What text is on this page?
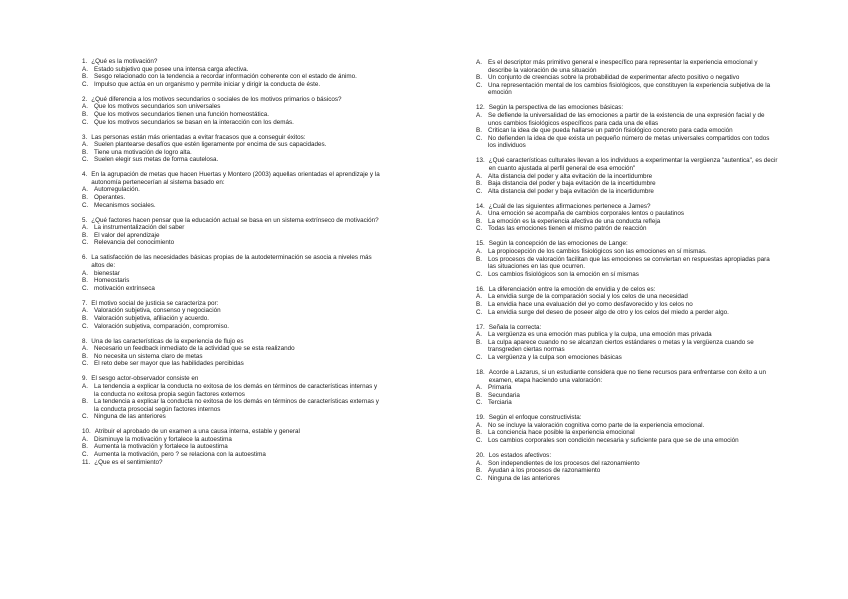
1. ¿Qué es la motivación?
A. Estado subjetivo que posee una intensa carga afectiva.
B. Sesgo relacionado con la tendencia a recordar información coherente con el estado de ánimo.
C. Impulso que actúa en un organismo y permite iniciar y dirigir la conducta de éste.
2. ¿Qué diferencia a los motivos secundarios o sociales de los motivos primarios o básicos?
A. Que los motivos secundarios son universales
B. Que los motivos secundarios tienen una función homeostática.
C. Que los motivos secundarios se basan en la interacción con los demás.
3. Las personas están más orientadas a evitar fracasos que a conseguir éxitos:
A. Suelen plantearse desafíos que estén ligeramente por encima de sus capacidades.
B. Tiene una motivación de logro alta.
C. Suelen elegir sus metas de forma cautelosa.
4. En la agrupación de metas que hacen Huertas y Montero (2003) aquellas orientadas el aprendizaje y la autonomía pertenecerían al sistema basado en:
A. Autorregulación.
B. Operantes.
C. Mecanismos sociales.
5. ¿Qué factores hacen pensar que la educación actual se basa en un sistema extrínseco de motivación?
A. La instrumentalización del saber
B. El valor del aprendizaje
C. Relevancia del conocimiento
6. La satisfacción de las necesidades básicas propias de la autodeterminación se asocia a niveles más altos de:
A. bienestar
B. Homeostaris
C. motivación extrínseca
7. El motivo social de justicia se caracteriza por:
A. Valoración subjetiva, consenso y negociación
B. Valoración subjetiva, afiliación y acuerdo.
C. Valoración subjetiva, comparación, compromiso.
8. Una de las características de la experiencia de flujo es
A. Necesario un feedback inmediato de la actividad que se esta realizando
B. No necesita un sistema claro de metas
C. El reto debe ser mayor que las habilidades percibidas
9. El sesgo actor-observador consiste en
A. La tendencia a explicar la conducta no exitosa de los demás en términos de características internas y la conducta no exitosa propia según factores externos
B. La tendencia a explicar la conducta no exitosa de los demás en términos de características externas y la conducta prosocial según factores internos
C. Ninguna de las anteriores
10. Atribuir el aprobado de un examen a una causa interna, estable y general
A. Disminuye la motivación y fortalece la autoestima
B. Aumenta la motivación y fortalece la autoestima
C. Aumenta la motivación, pero ? se relaciona con la autoestima
11. ¿Que es el sentimiento?
A. Es el descriptor más primitivo general e inespecífico para representar la experiencia emocional y describe la valoración de una situación
B. Un conjunto de creencias sobre la probabilidad de experimentar afecto positivo o negativo
C. Una representación mental de los cambios fisiológicos, que constituyen la experiencia subjetiva de la emoción
12. Según la perspectiva de las emociones básicas:
A. Se defiende la universalidad de las emociones a partir de la existencia de una expresión facial y de unos cambios fisiológicos específicos para cada una de ellas
B. Critican la idea de que pueda hallarse un patrón fisiológico concreto para cada emoción
C. No defienden la idea de que exista un pequeño número de metas universales compartidos con todos los individuos
13. ¿Qué características culturales llevan a los individuos a experimentar la vergüenza "autentica", es decir en cuanto ajustada al perfil general de esa emoción"
A. Alta distancia del poder y alta evitación de la incertidumbre
B. Baja distancia del poder y baja evitación de la incertidumbre
C. Alta distancia del poder y baja evitación de la incertidumbre
14. ¿Cuál de las siguientes afirmaciones pertenece a James?
A. Una emoción se acompaña de cambios corporales lentos o paulatinos
B. La emoción es la experiencia afectiva de una conducta refleja
C. Todas las emociones tienen el mismo patrón de reacción
15. Según la concepción de las emociones de Lange:
A. La propiocepción de los cambios fisiológicos son las emociones en sí mismas.
B. Los procesos de valoración facilitan que las emociones se conviertan en respuestas apropiadas para las situaciones en las que ocurren.
C. Los cambios fisiológicos son la emoción en sí mismas
16. La diferenciación entre la emoción de envidia y de celos es:
A. La envidia surge de la comparación social y los celos de una necesidad
B. La envidia hace una evaluación del yo como desfavorecido y los celos no
C. La envidia surge del deseo de poseer algo de otro y los celos del miedo a perder algo.
17. Señala la correcta:
A. La vergüenza es una emoción mas publica y la culpa, una emoción mas privada
B. La culpa aparece cuando no se alcanzan ciertos estándares o metas y la vergüenza cuando se transgreden ciertas normas
C. La vergüenza y la culpa son emociones básicas
18. Acorde a Lazarus, si un estudiante considera que no tiene recursos para enfrentarse con éxito a un examen, etapa haciendo una valoración:
A. Primaria
B. Secundaria
C. Terciaria
19. Según el enfoque constructivista:
A. No se incluye la valoración cognitiva como parte de la experiencia emocional.
B. La conciencia hace posible la experiencia emocional
C. Los cambios corporales son condición necesaria y suficiente para que se de una emoción
20. Los estados afectivos:
A. Son independientes de los procesos del razonamiento
B. Ayudan a los procesos de razonamiento
C. Ninguna de las anteriores
